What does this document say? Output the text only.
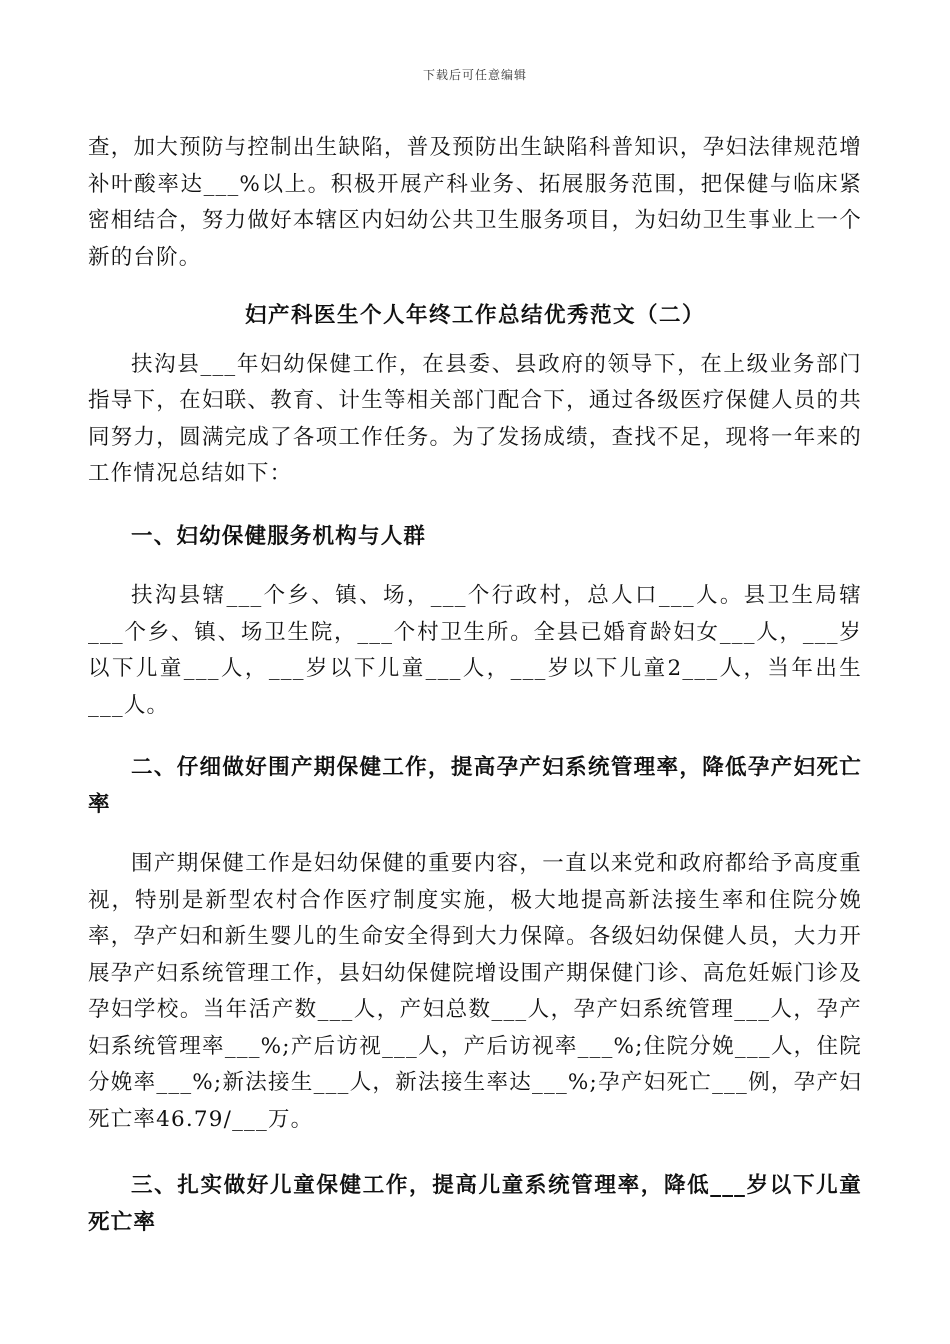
下载后可任意编辑

查，加大预防与控制出生缺陷，普及预防出生缺陷科普知识，孕妇法律规范增补叶酸率达___%以上。积极开展产科业务、拓展服务范围，把保健与临床紧密相结合，努力做好本辖区内妇幼公共卫生服务项目，为妇幼卫生事业上一个新的台阶。

妇产科医生个人年终工作总结优秀范文（二）

扶沟县___年妇幼保健工作，在县委、县政府的领导下，在上级业务部门指导下，在妇联、教育、计生等相关部门配合下，通过各级医疗保健人员的共同努力，圆满完成了各项工作任务。为了发扬成绩，查找不足，现将一年来的工作情况总结如下：

一、妇幼保健服务机构与人群

扶沟县辖___个乡、镇、场，___个行政村，总人口___人。县卫生局辖___个乡、镇、场卫生院，___个村卫生所。全县已婚育龄妇女___人，___岁以下儿童___人，___岁以下儿童___人，___岁以下儿童2___人，当年出生___人。

二、仔细做好围产期保健工作，提高孕产妇系统管理率，降低孕产妇死亡率

围产期保健工作是妇幼保健的重要内容，一直以来党和政府都给予高度重视，特别是新型农村合作医疗制度实施，极大地提高新法接生率和住院分娩率，孕产妇和新生婴儿的生命安全得到大力保障。各级妇幼保健人员，大力开展孕产妇系统管理工作，县妇幼保健院增设围产期保健门诊、高危妊娠门诊及孕妇学校。当年活产数___人，产妇总数___人，孕产妇系统管理___人，孕产妇系统管理率___%;产后访视___人，产后访视率___%;住院分娩___人，住院分娩率___%;新法接生___人，新法接生率达___%;孕产妇死亡___例，孕产妇死亡率46.79/___万。

三、扎实做好儿童保健工作，提高儿童系统管理率，降低___岁以下儿童死亡率
